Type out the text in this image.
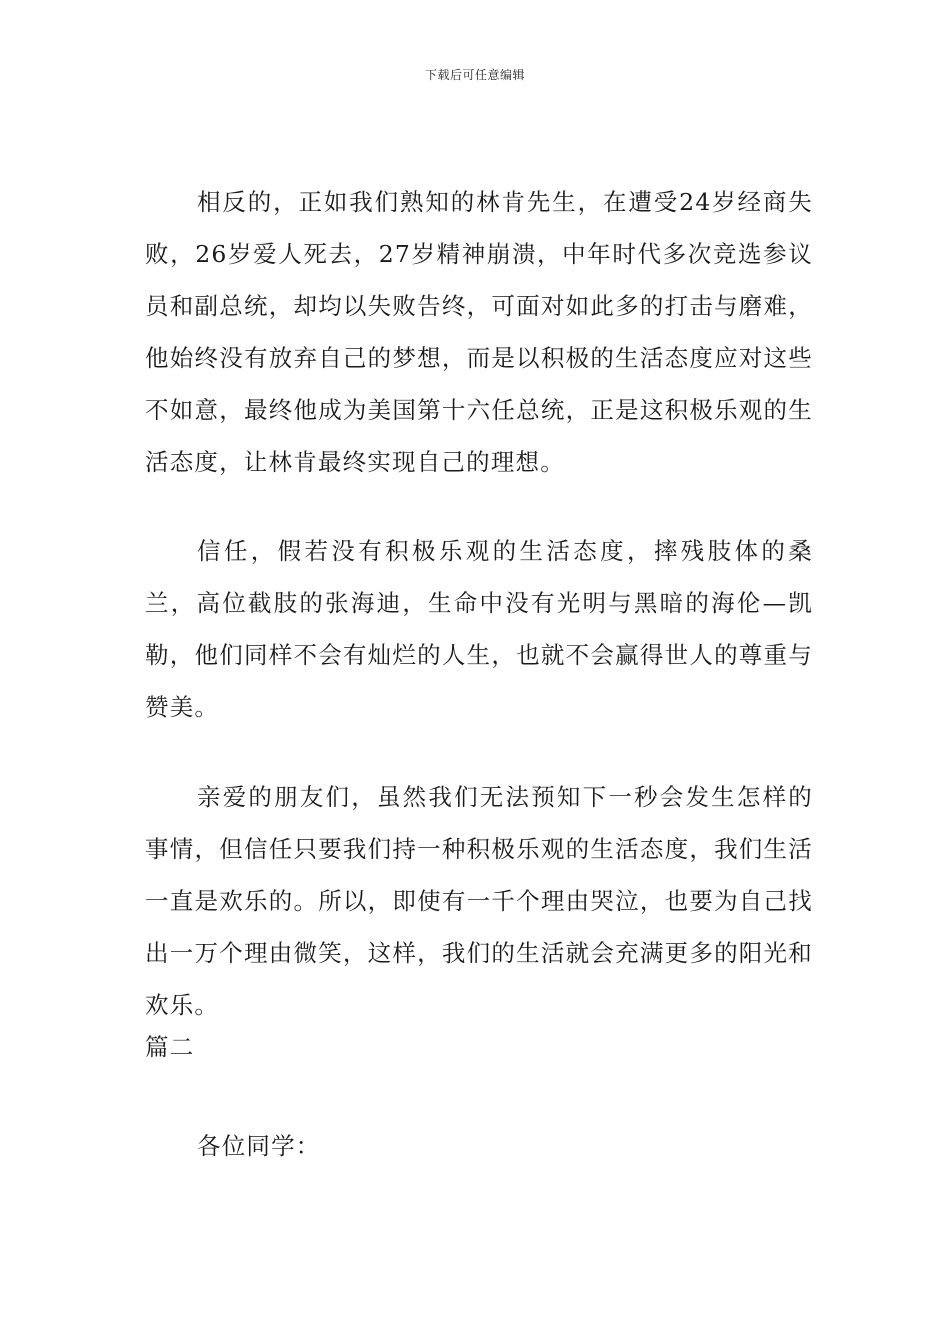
下载后可任意编辑

相反的，正如我们熟知的林肯先生，在遭受24岁经商失败，26岁爱人死去，27岁精神崩溃，中年时代多次竞选参议员和副总统，却均以失败告终，可面对如此多的打击与磨难，他始终没有放弃自己的梦想，而是以积极的生活态度应对这些不如意，最终他成为美国第十六任总统，正是这积极乐观的生活态度，让林肯最终实现自己的理想。

信任，假若没有积极乐观的生活态度，摔残肢体的桑兰，高位截肢的张海迪，生命中没有光明与黑暗的海伦—凯勒，他们同样不会有灿烂的人生，也就不会赢得世人的尊重与赞美。

亲爱的朋友们，虽然我们无法预知下一秒会发生怎样的事情，但信任只要我们持一种积极乐观的生活态度，我们生活一直是欢乐的。所以，即使有一千个理由哭泣，也要为自己找出一万个理由微笑，这样，我们的生活就会充满更多的阳光和欢乐。

篇二

各位同学：
